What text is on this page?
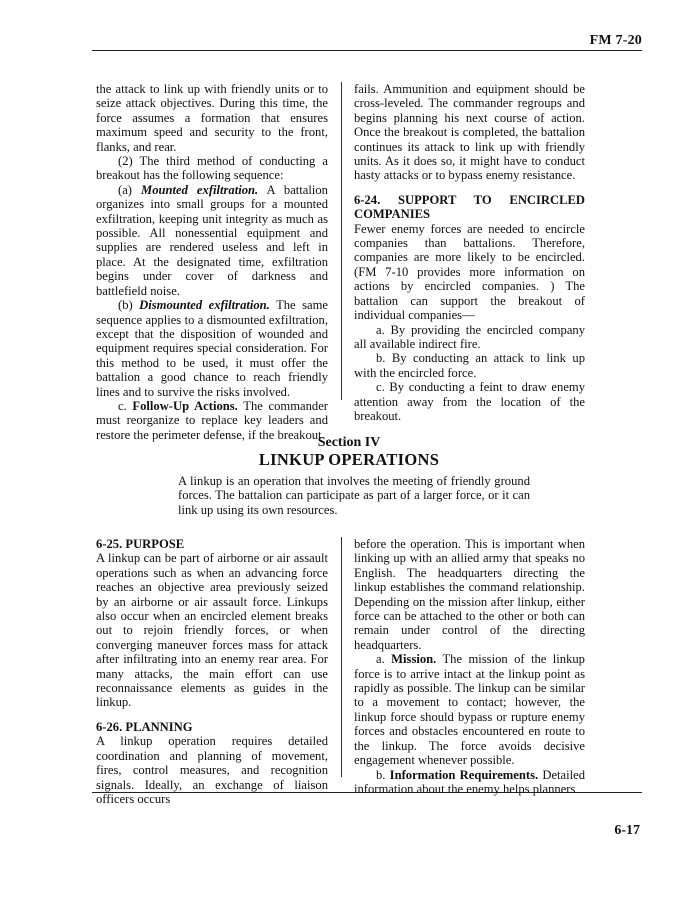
FM 7-20

the attack to link up with friendly units or to seize attack objectives. During this time, the force assumes a formation that ensures maximum speed and security to the front, flanks, and rear.

(2) The third method of conducting a breakout has the following sequence:

(a) Mounted exfiltration. A battalion organizes into small groups for a mounted exfiltration, keeping unit integrity as much as possible. All nonessential equipment and supplies are rendered useless and left in place. At the designated time, exfiltration begins under cover of darkness and battlefield noise.

(b) Dismounted exfiltration. The same sequence applies to a dismounted exfiltration, except that the disposition of wounded and equipment requires special consideration. For this method to be used, it must offer the battalion a good chance to reach friendly lines and to survive the risks involved.

c. Follow-Up Actions. The commander must reorganize to replace key leaders and restore the perimeter defense, if the breakout

fails. Ammunition and equipment should be cross-leveled. The commander regroups and begins planning his next course of action. Once the breakout is completed, the battalion continues its attack to link up with friendly units. As it does so, it might have to conduct hasty attacks or to bypass enemy resistance.

6-24. SUPPORT TO ENCIRCLED COMPANIES

Fewer enemy forces are needed to encircle companies than battalions. Therefore, companies are more likely to be encircled. (FM 7-10 provides more information on actions by encircled companies. ) The battalion can support the breakout of individual companies—

a. By providing the encircled company all available indirect fire.

b. By conducting an attack to link up with the encircled force.

c. By conducting a feint to draw enemy attention away from the location of the breakout.

Section IV
LINKUP OPERATIONS
A linkup is an operation that involves the meeting of friendly ground forces. The battalion can participate as part of a larger force, or it can link up using its own resources.

6-25. PURPOSE

A linkup can be part of airborne or air assault operations such as when an advancing force reaches an objective area previously seized by an airborne or air assault force. Linkups also occur when an encircled element breaks out to rejoin friendly forces, or when converging maneuver forces mass for attack after infiltrating into an enemy rear area. For many attacks, the main effort can use reconnaissance elements as guides in the linkup.

6-26. PLANNING

A linkup operation requires detailed coordination and planning of movement, fires, control measures, and recognition signals. Ideally, an exchange of liaison officers occurs

before the operation. This is important when linking up with an allied army that speaks no English. The headquarters directing the linkup establishes the command relationship. Depending on the mission after linkup, either force can be attached to the other or both can remain under control of the directing headquarters.

a. Mission. The mission of the linkup force is to arrive intact at the linkup point as rapidly as possible. The linkup can be similar to a movement to contact; however, the linkup force should bypass or rupture enemy forces and obstacles encountered en route to the linkup. The force avoids decisive engagement whenever possible.

b. Information Requirements. Detailed information about the enemy helps planners

6-17
